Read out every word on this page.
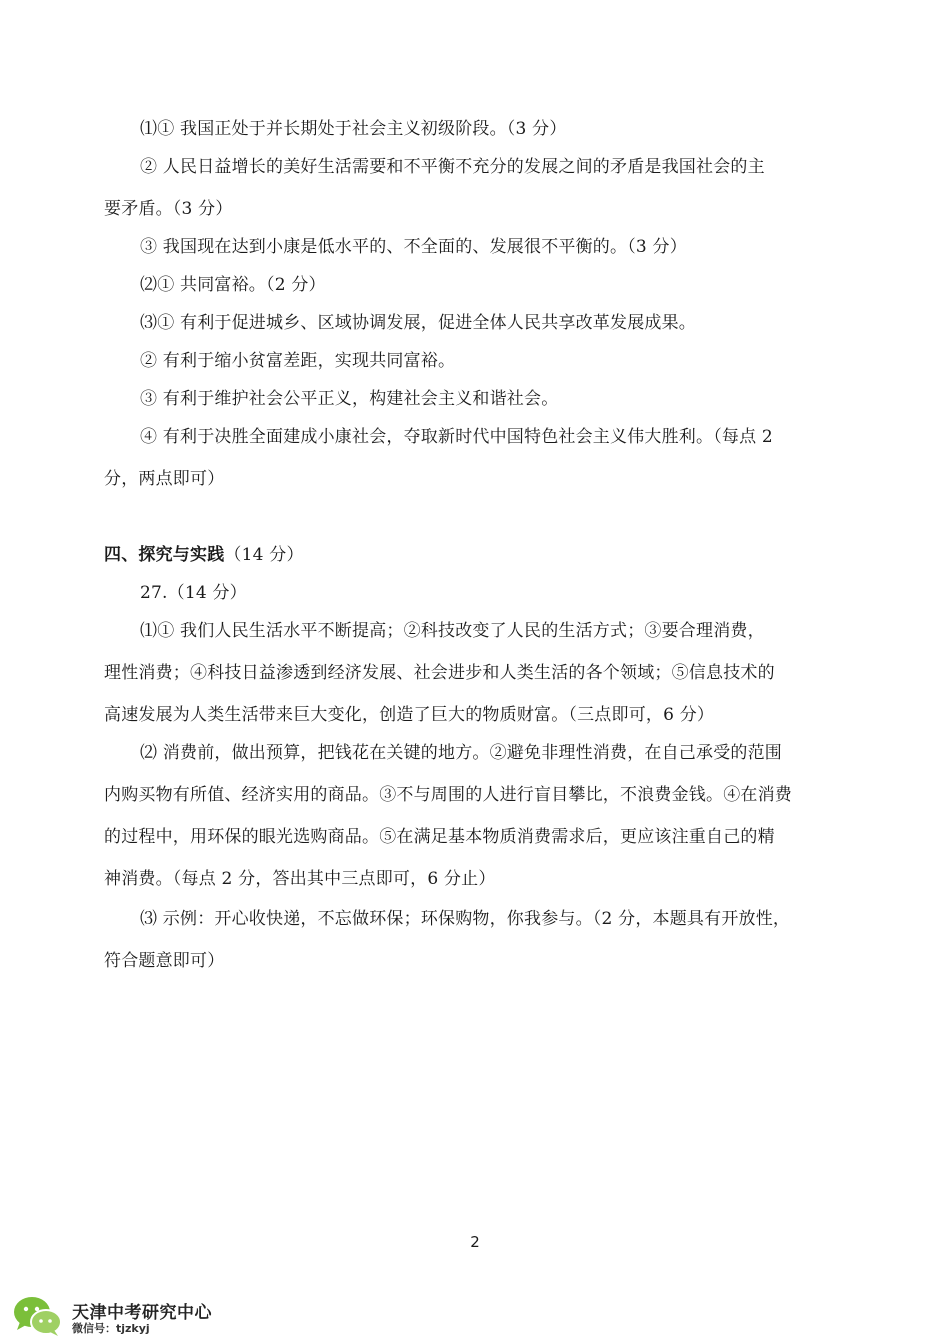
⑴① 我国正处于并长期处于社会主义初级阶段。（3 分）
② 人民日益增长的美好生活需要和不平衡不充分的发展之间的矛盾是我国社会的主
要矛盾。（3 分）
③ 我国现在达到小康是低水平的、不全面的、发展很不平衡的。（3 分）
⑵① 共同富裕。（2 分）
⑶① 有利于促进城乡、区域协调发展，促进全体人民共享改革发展成果。
② 有利于缩小贫富差距，实现共同富裕。
③ 有利于维护社会公平正义，构建社会主义和谐社会。
④ 有利于决胜全面建成小康社会，夺取新时代中国特色社会主义伟大胜利。（每点 2
分，两点即可）
四、探究与实践（14 分）
27.（14 分）
⑴① 我们人民生活水平不断提高；②科技改变了人民的生活方式；③要合理消费，
理性消费；④科技日益渗透到经济发展、社会进步和人类生活的各个领域；⑤信息技术的
高速发展为人类生活带来巨大变化，创造了巨大的物质财富。（三点即可，6 分）
⑵ 消费前，做出预算，把钱花在关键的地方。②避免非理性消费，在自己承受的范围
内购买物有所值、经济实用的商品。③不与周围的人进行盲目攀比，不浪费金钱。④在消费
的过程中，用环保的眼光选购商品。⑤在满足基本物质消费需求后，更应该注重自己的精
神消费。（每点 2 分，答出其中三点即可，6 分止）
⑶ 示例：开心收快递，不忘做环保；环保购物，你我参与。（2 分，本题具有开放性，
符合题意即可）
2
天津中考研究中心
微信号：tjzkyj
